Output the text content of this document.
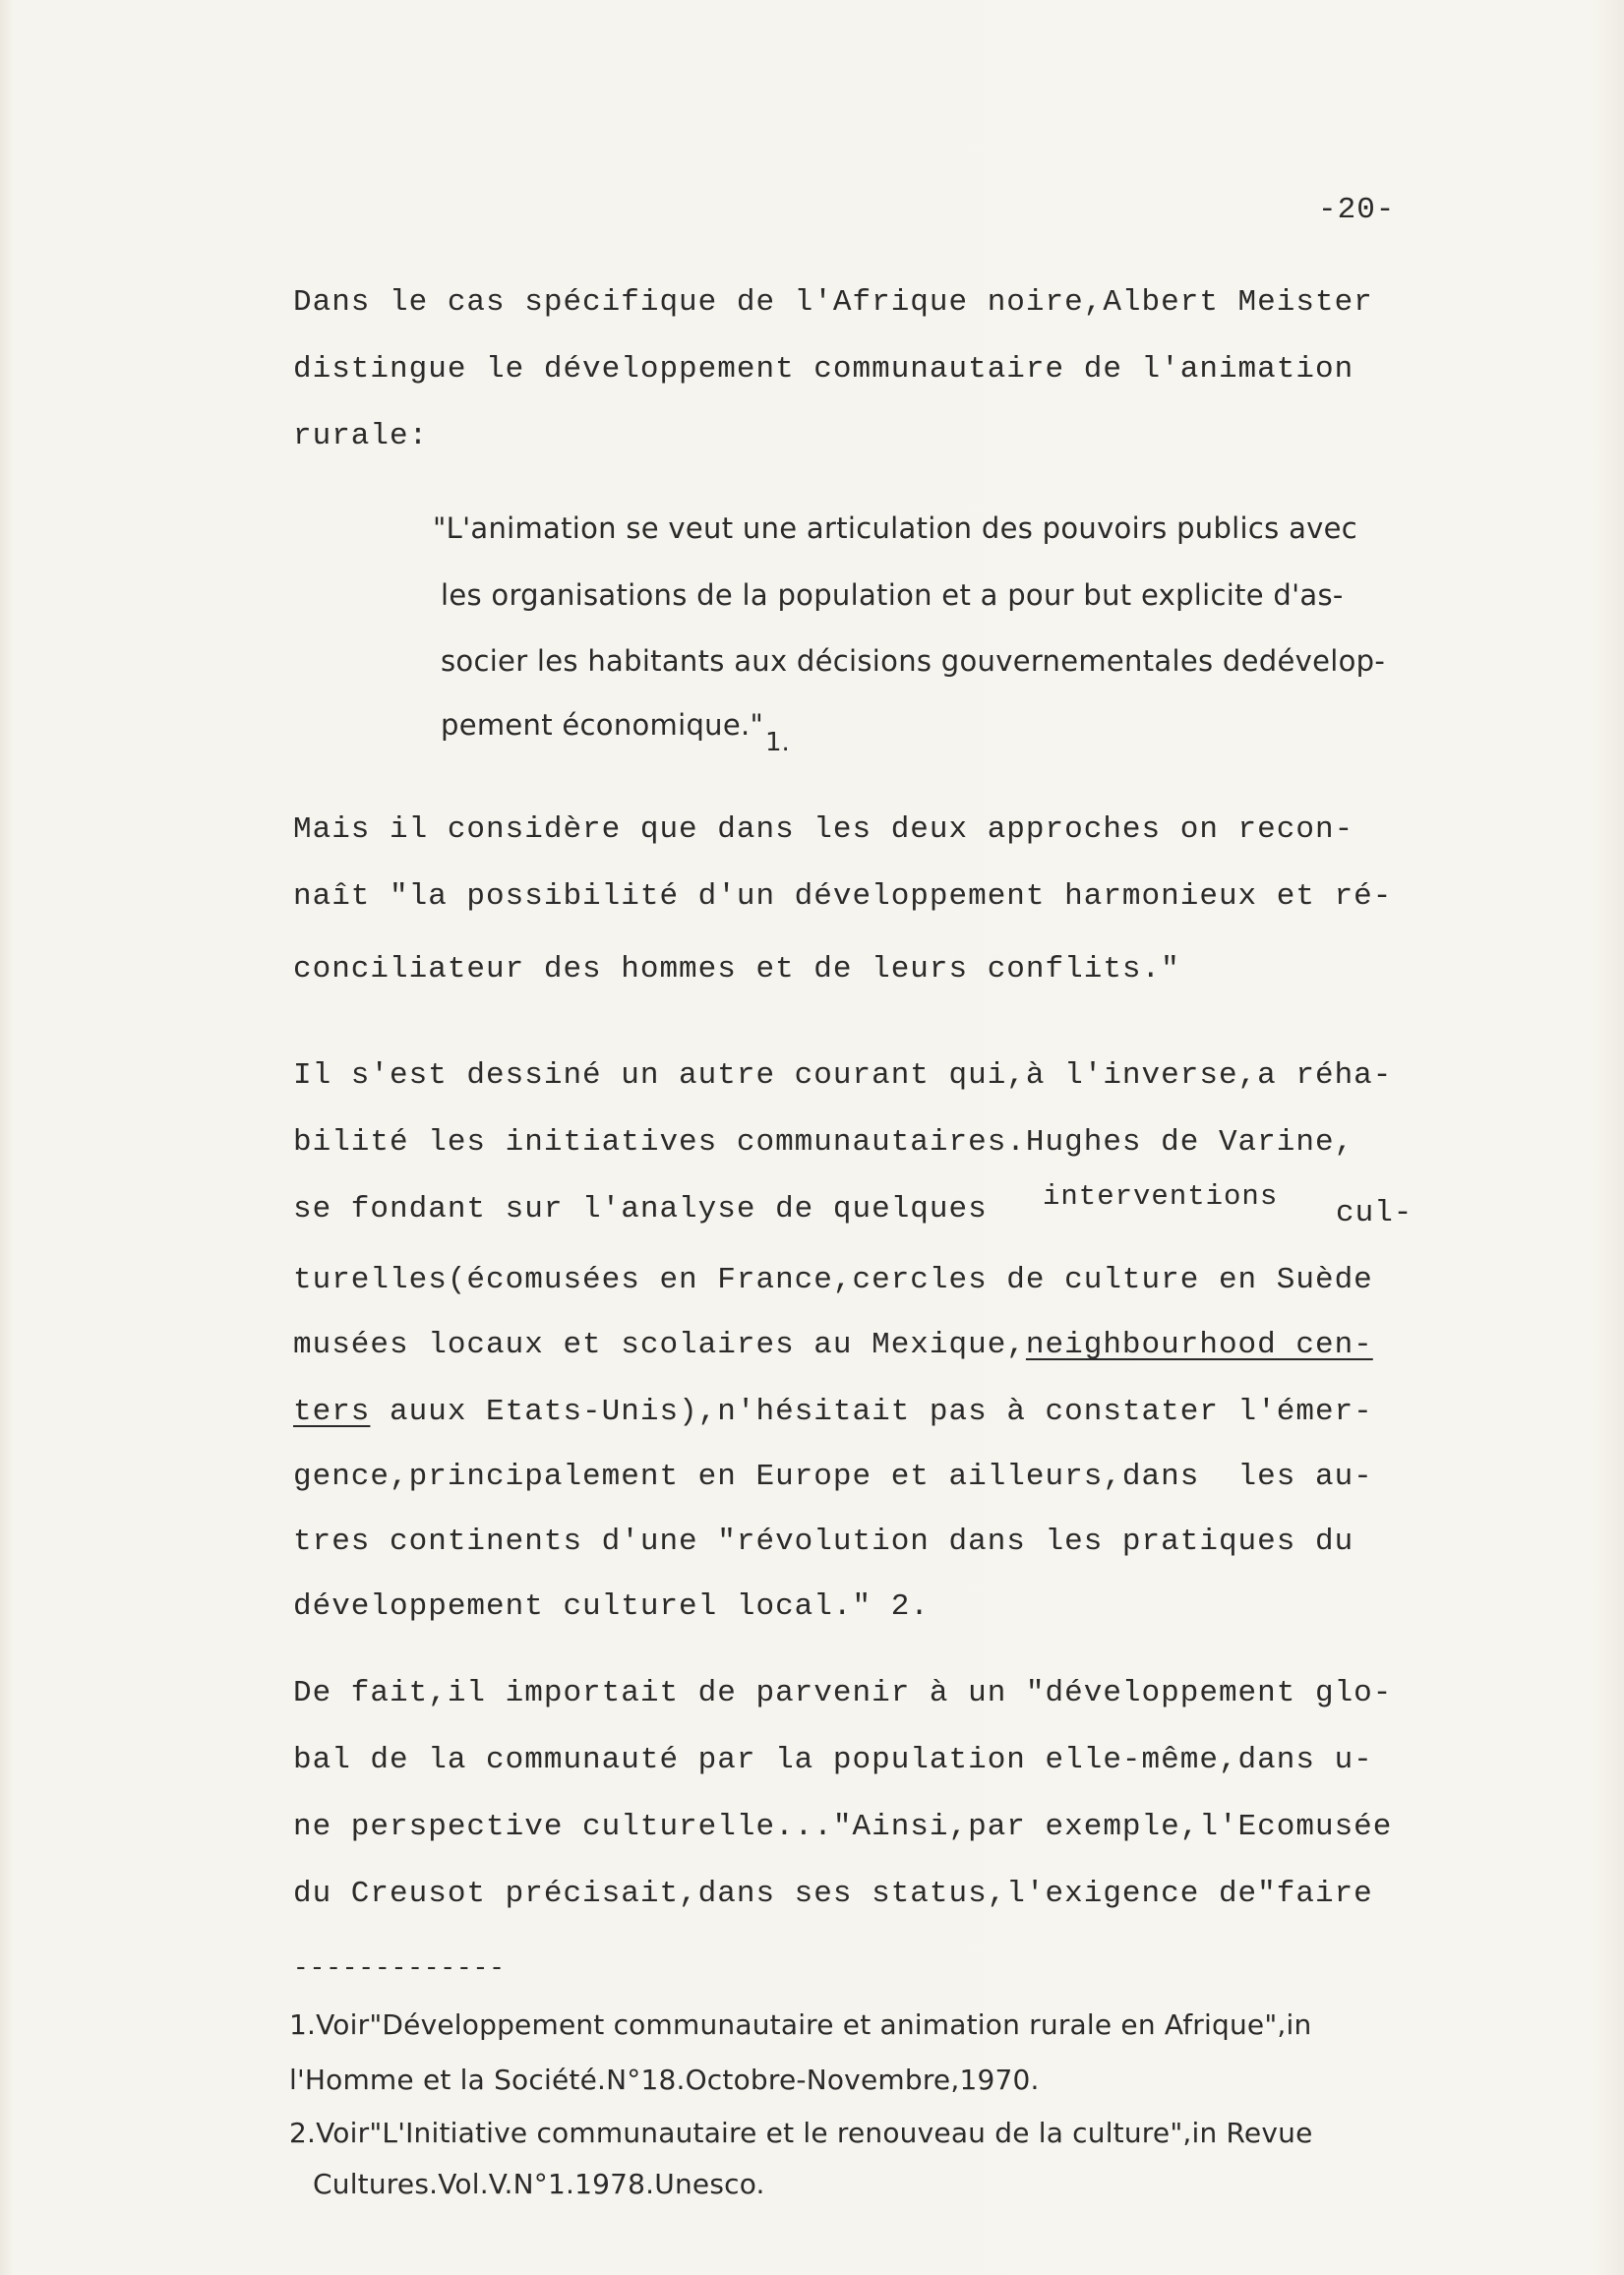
-20-
Dans le cas spécifique de l'Afrique noire,Albert Meister
distingue le développement communautaire de l'animation
rurale:
"L'animation se veut une articulation des pouvoirs publics avec
les organisations de la population et a pour but explicite d'as-
socier les habitants aux décisions gouvernementales dedévelop-
pement économique."
1.
Mais il considère que dans les deux approches on recon-
naît "la possibilité d'un développement harmonieux et ré-
conciliateur des hommes et de leurs conflits."
Il s'est dessiné un autre courant qui,à l'inverse,a réha-
bilité les initiatives communautaires.Hughes de Varine,
se fondant sur l'analyse de quelques interventions cul-
turelles(écomusées en France,cercles de culture en Suède
musées locaux et scolaires au Mexique,neighbourhood cen-
ters auux Etats-Unis),n'hésitait pas à constater l'émer-
gence,principalement en Europe et ailleurs,dans  les au-
tres continents d'une "révolution dans les pratiques du
développement culturel local." 2.
De fait,il importait de parvenir à un "développement glo-
bal de la communauté par la population elle-même,dans u-
ne perspective culturelle..."Ainsi,par exemple,l'Ecomusée
du Creusot précisait,dans ses status,l'exigence de"faire
-------------
1.Voir"Développement communautaire et animation rurale en Afrique",in
l'Homme et la Société.N°18.Octobre-Novembre,1970.
2.Voir"L'Initiative communautaire et le renouveau de la culture",in Revue
Cultures.Vol.V.N°1.1978.Unesco.
